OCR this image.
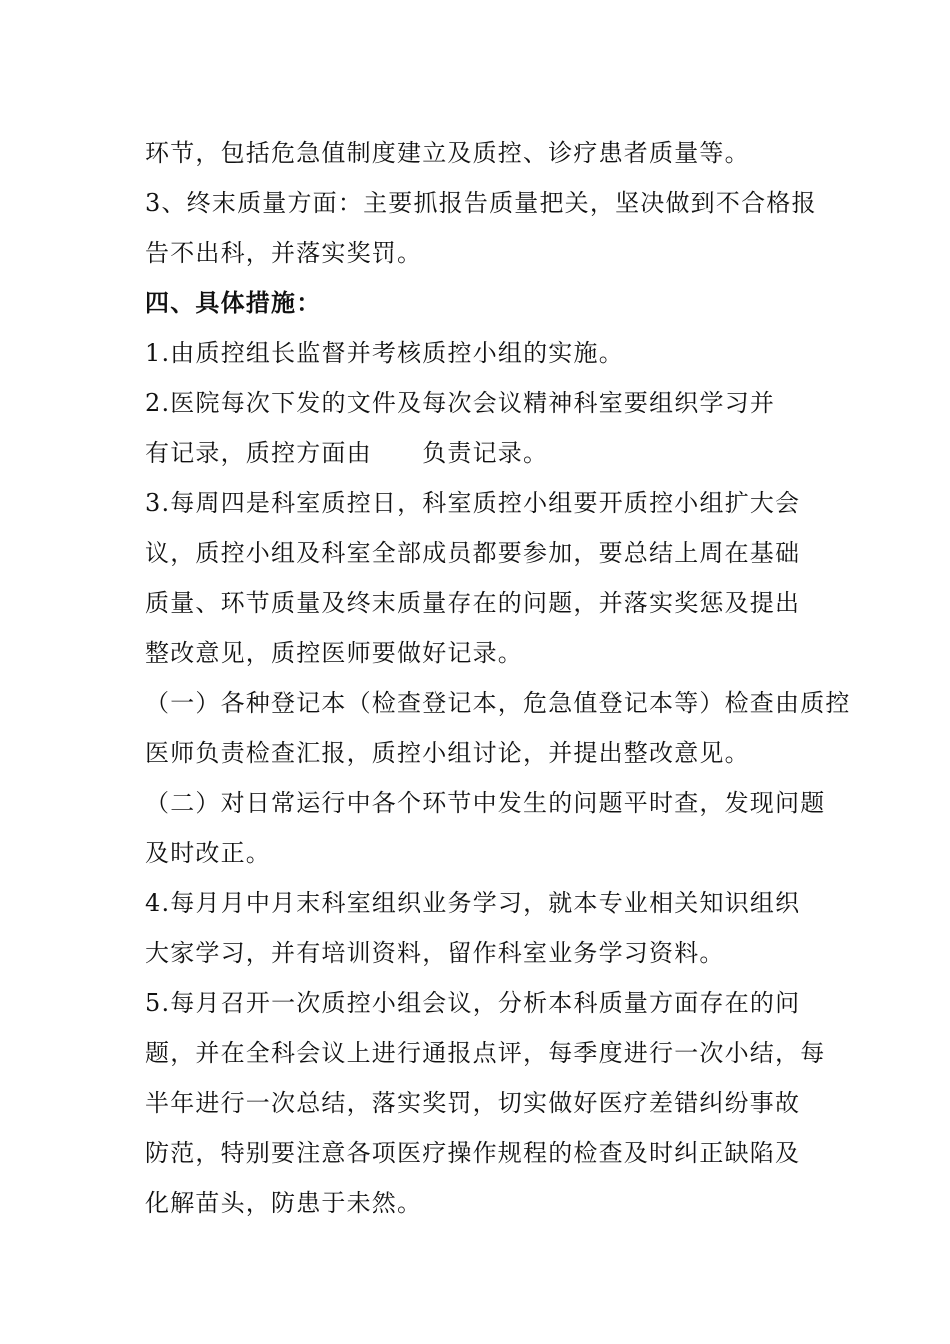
环节，包括危急值制度建立及质控、诊疗患者质量等。
3、终末质量方面：主要抓报告质量把关，坚决做到不合格报
告不出科，并落实奖罚。
四、具体措施：
1.由质控组长监督并考核质控小组的实施。
2.医院每次下发的文件及每次会议精神科室要组织学习并
有记录，质控方面由　　负责记录。
3.每周四是科室质控日，科室质控小组要开质控小组扩大会
议，质控小组及科室全部成员都要参加，要总结上周在基础
质量、环节质量及终末质量存在的问题，并落实奖惩及提出
整改意见，质控医师要做好记录。
（一）各种登记本（检查登记本，危急值登记本等）检查由质控
医师负责检查汇报，质控小组讨论，并提出整改意见。
（二）对日常运行中各个环节中发生的问题平时查，发现问题
及时改正。
4.每月月中月末科室组织业务学习，就本专业相关知识组织
大家学习，并有培训资料，留作科室业务学习资料。
5.每月召开一次质控小组会议，分析本科质量方面存在的问
题，并在全科会议上进行通报点评，每季度进行一次小结，每
半年进行一次总结，落实奖罚，切实做好医疗差错纠纷事故
防范，特别要注意各项医疗操作规程的检查及时纠正缺陷及
化解苗头，防患于未然。
